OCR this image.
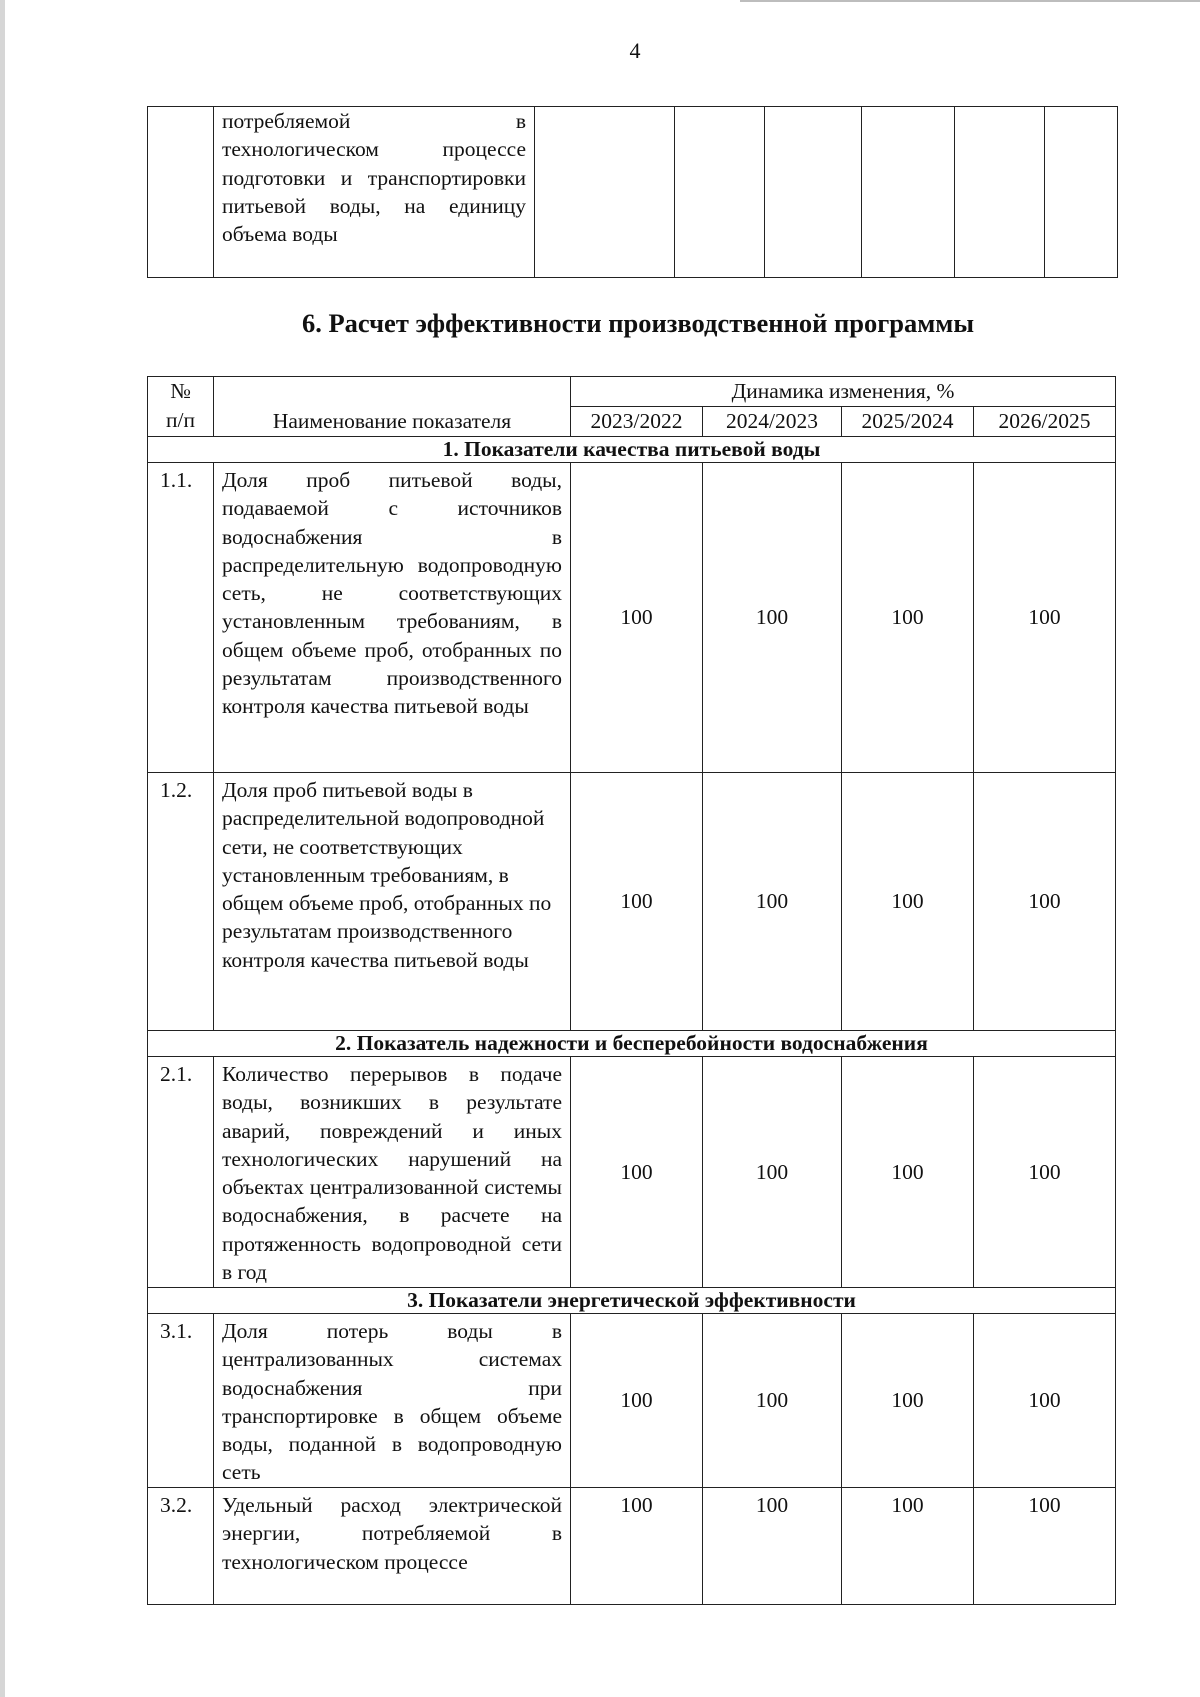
4
	потребляемой в технологическом процессе подготовки и транспортировки питьевой воды, на единицу объема воды						
6. Расчет эффективности производственной программы
№
п/п	Наименование показателя	Динамика изменения, %			
		2023/2022	2024/2023	2025/2024	2026/2025
1. Показатели качества питьевой воды					
1.1.	Доля проб питьевой воды, подаваемой с источников водоснабжения в распределительную водопроводную сеть, не соответствующих установленным требованиям, в общем объеме проб, отобранных по результатам производственного контроля качества питьевой воды	100	100	100	100
1.2.	Доля проб питьевой воды в распределительной водопроводной сети, не соответствующих установленным требованиям, в общем объеме проб, отобранных по результатам производственного контроля качества питьевой воды	100	100	100	100
2. Показатель надежности и бесперебойности водоснабжения					
2.1.	Количество перерывов в подаче воды, возникших в результате аварий, повреждений и иных технологических нарушений на объектах централизованной системы водоснабжения, в расчете на протяженность водопроводной сети в год	100	100	100	100
3. Показатели энергетической эффективности					
3.1.	Доля потерь воды в централизованных системах водоснабжения при транспортировке в общем объеме воды, поданной в водопроводную сеть	100	100	100	100
3.2.	Удельный расход электрической энергии, потребляемой в технологическом процессе	100	100	100	100
